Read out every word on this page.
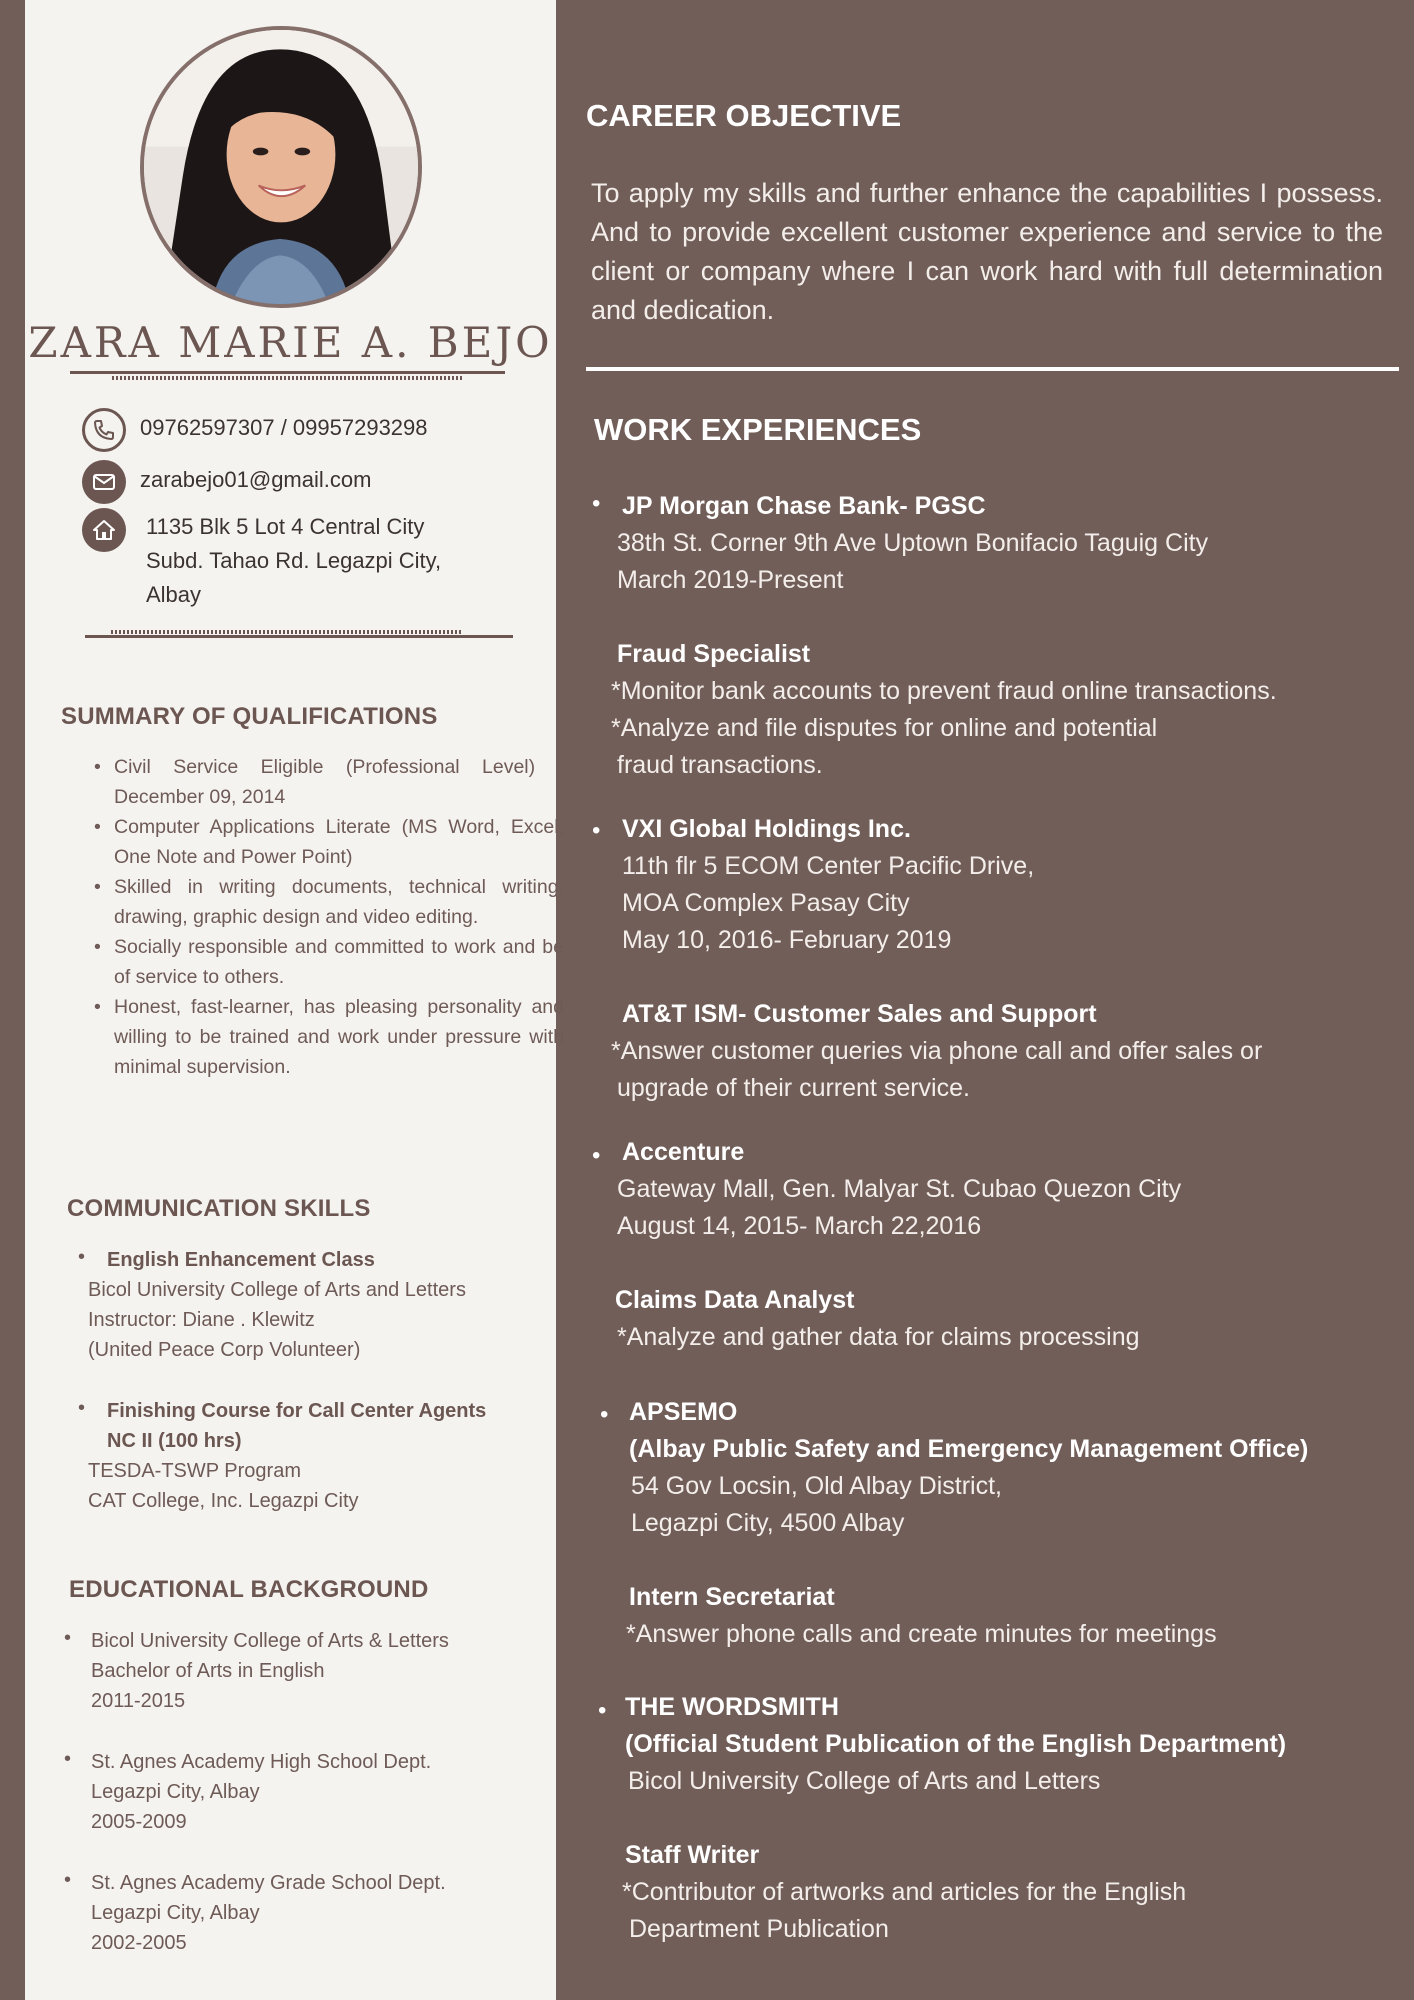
ZARA MARIE A. BEJO
09762597307 / 09957293298
zarabejo01@gmail.com
1135 Blk 5 Lot 4 Central City
Subd. Tahao Rd. Legazpi City,
Albay
SUMMARY OF QUALIFICATIONS
• Civil Service Eligible (Professional Level) - December 09, 2014
• Computer Applications Literate (MS Word, Excel, One Note and Power Point)
• Skilled in writing documents, technical writing, drawing, graphic design and video editing.
• Socially responsible and committed to work and be of service to others.
• Honest, fast-learner, has pleasing personality and willing to be trained and work under pressure with minimal supervision.
COMMUNICATION SKILLS
•	English Enhancement Class
Bicol University College of Arts and Letters
Instructor: Diane . Klewitz
(United Peace Corp Volunteer)
•	Finishing Course for Call Center Agents
NC II (100 hrs)
TESDA-TSWP Program
CAT College, Inc. Legazpi City
EDUCATIONAL BACKGROUND
• Bicol University College of Arts & Letters
Bachelor of Arts in English
2011-2015
• St. Agnes Academy High School Dept.
Legazpi City, Albay
2005-2009
• St. Agnes Academy Grade School Dept.
Legazpi City, Albay
2002-2005
CAREER OBJECTIVE
To apply my skills and further enhance the capabilities I possess. And to provide excellent customer experience and service to the client or company where I can work hard with full determination and dedication.
WORK EXPERIENCES
• JP Morgan Chase Bank- PGSC
38th St. Corner 9th Ave Uptown Bonifacio Taguig City
March 2019-Present
Fraud Specialist
*Monitor bank accounts to prevent fraud online transactions.
*Analyze and file disputes for online and potential
fraud transactions.
• VXI Global Holdings Inc.
11th flr 5 ECOM Center Pacific Drive,
MOA Complex Pasay City
May 10, 2016- February 2019
AT&T ISM- Customer Sales and Support
*Answer customer queries via phone call and offer sales or
upgrade of their current service.
• Accenture
Gateway Mall, Gen. Malyar St. Cubao Quezon City
August 14, 2015- March 22,2016
Claims Data Analyst
*Analyze and gather data for claims processing
• APSEMO
(Albay Public Safety and Emergency Management Office)
54 Gov Locsin, Old Albay District,
Legazpi City, 4500 Albay
Intern Secretariat
*Answer phone calls and create minutes for meetings
• THE WORDSMITH
(Official Student Publication of the English Department)
Bicol University College of Arts and Letters
Staff Writer
*Contributor of artworks and articles for the English
Department Publication
